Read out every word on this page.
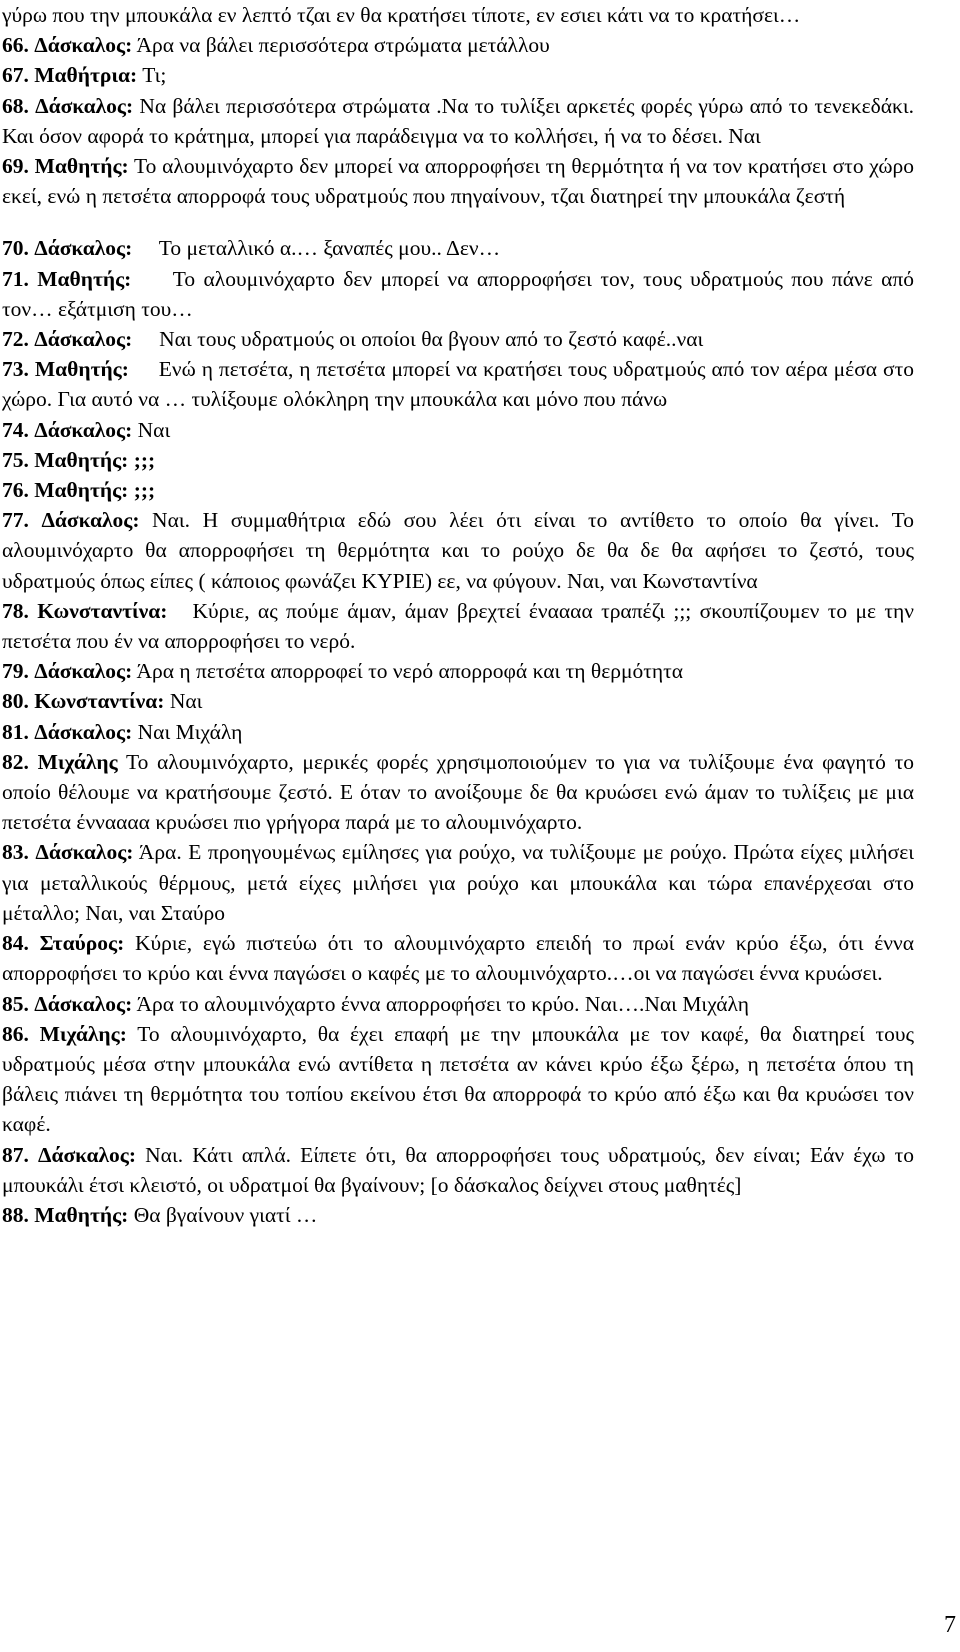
γύρω που την μπουκάλα εν λεπτό τζαι εν θα κρατήσει τίποτε, εν εσιει κάτι να το κρατήσει…

66. Δάσκαλος: Άρα να βάλει περισσότερα στρώματα μετάλλου

67. Μαθήτρια: Τι;

68. Δάσκαλος: Να βάλει περισσότερα στρώματα .Να το τυλίξει αρκετές φορές γύρω από το τενεκεδάκι. Και όσον αφορά το κράτημα, μπορεί για παράδειγμα να το κολλήσει, ή να το δέσει. Ναι

69. Μαθητής: Το αλουμινόχαρτο δεν μπορεί να απορροφήσει τη θερμότητα ή να τον κρατήσει στο χώρο εκεί, ενώ η πετσέτα απορροφά τους υδρατμούς που πηγαίνουν, τζαι διατηρεί την μπουκάλα ζεστή

70. Δάσκαλος:     Το μεταλλικό α.… ξαναπές μου.. Δεν…

71. Μαθητής:     Το αλουμινόχαρτο δεν μπορεί να απορροφήσει τον, τους υδρατμούς που πάνε από τον… εξάτμιση του…

72. Δάσκαλος:     Ναι τους υδρατμούς οι οποίοι θα βγουν από το ζεστό καφέ..ναι

73. Μαθητής:     Ενώ η πετσέτα, η πετσέτα μπορεί να κρατήσει τους υδρατμούς από τον αέρα μέσα στο χώρο. Για αυτό να … τυλίξουμε ολόκληρη την μπουκάλα και μόνο που πάνω

74. Δάσκαλος: Ναι

75. Μαθητής: ;;;

76. Μαθητής: ;;;

77. Δάσκαλος: Ναι. Η συμμαθήτρια εδώ σου λέει ότι είναι το αντίθετο το οποίο θα γίνει. Το αλουμινόχαρτο θα απορροφήσει τη θερμότητα και το ρούχο δε θα δε θα αφήσει το ζεστό, τους υδρατμούς όπως είπες ( κάποιος φωνάζει ΚΥΡΙΕ) εε, να φύγουν. Ναι, ναι Κωνσταντίνα

78. Κωνσταντίνα:   Κύριε, ας πούμε άμαν, άμαν βρεχτεί έναααα τραπέζι ;;; σκουπίζουμεν το με την πετσέτα που έν να απορροφήσει το νερό.

79. Δάσκαλος: Άρα η πετσέτα απορροφεί το νερό απορροφά και τη θερμότητα

80. Κωνσταντίνα: Ναι

81. Δάσκαλος: Ναι Μιχάλη

82. Μιχάλης Το αλουμινόχαρτο, μερικές φορές χρησιμοποιούμεν το για να τυλίξουμε ένα φαγητό το οποίο θέλουμε να κρατήσουμε ζεστό. Ε όταν το ανοίξουμε δε θα κρυώσει ενώ άμαν το τυλίξεις με μια πετσέτα ένναααα κρυώσει πιο γρήγορα παρά με το αλουμινόχαρτο.

83. Δάσκαλος: Άρα. Ε προηγουμένως εμίλησες για ρούχο, να τυλίξουμε με ρούχο. Πρώτα είχες μιλήσει για μεταλλικούς θέρμους, μετά είχες μιλήσει για ρούχο και μπουκάλα και τώρα επανέρχεσαι στο μέταλλο; Ναι, ναι Σταύρο

84. Σταύρος: Κύριε, εγώ πιστεύω ότι το αλουμινόχαρτο επειδή το πρωί ενάν κρύο έξω, ότι έννα απορροφήσει το κρύο και έννα παγώσει ο καφές με το αλουμινόχαρτο.…οι να παγώσει έννα κρυώσει.

85. Δάσκαλος: Άρα το αλουμινόχαρτο έννα απορροφήσει το κρύο. Ναι….Ναι Μιχάλη

86. Μιχάλης: Το αλουμινόχαρτο, θα έχει επαφή με την μπουκάλα με τον καφέ, θα διατηρεί τους υδρατμούς μέσα στην μπουκάλα ενώ αντίθετα η πετσέτα αν κάνει κρύο έξω ξέρω, η πετσέτα όπου τη βάλεις πιάνει τη θερμότητα του τοπίου εκείνου έτσι θα απορροφά το κρύο από έξω και θα κρυώσει τον καφέ.

87. Δάσκαλος: Ναι. Κάτι απλά. Είπετε ότι, θα απορροφήσει τους υδρατμούς, δεν είναι; Εάν έχω το μπουκάλι έτσι κλειστό, οι υδρατμοί θα βγαίνουν; [ο δάσκαλος δείχνει στους μαθητές]

88. Μαθητής: Θα βγαίνουν γιατί …

7
